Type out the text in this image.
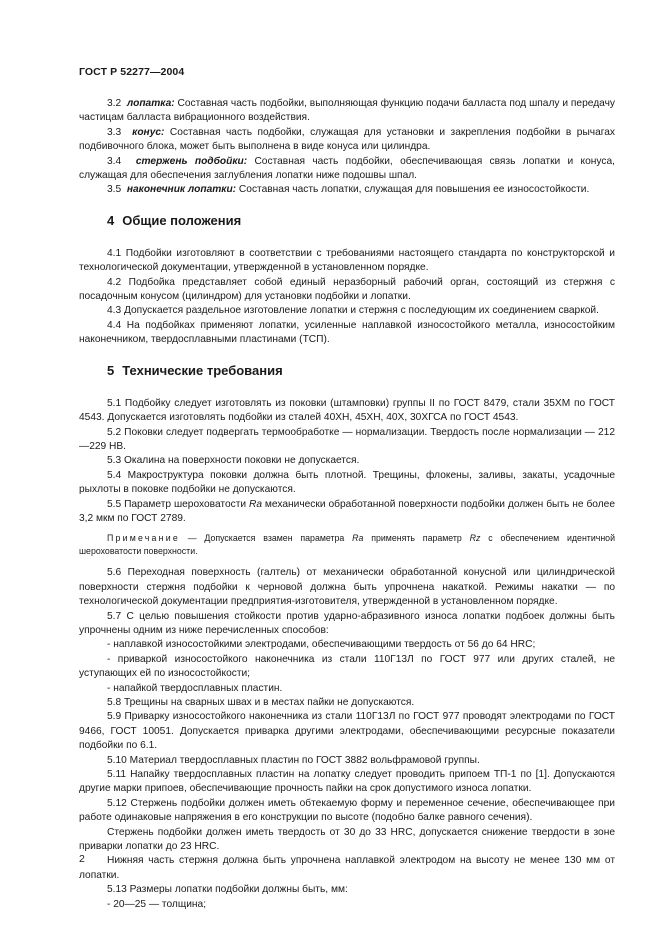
ГОСТ Р 52277—2004

3.2 лопатка: Составная часть подбойки, выполняющая функцию подачи балласта под шпалу и передачу частицам балласта вибрационного воздействия.

3.3 конус: Составная часть подбойки, служащая для установки и закрепления подбойки в рычагах подбивочного блока, может быть выполнена в виде конуса или цилиндра.

3.4 стержень подбойки: Составная часть подбойки, обеспечивающая связь лопатки и конуса, служащая для обеспечения заглубления лопатки ниже подошвы шпал.

3.5 наконечник лопатки: Составная часть лопатки, служащая для повышения ее износостойкости.

4 Общие положения

4.1 Подбойки изготовляют в соответствии с требованиями настоящего стандарта по конструкторской и технологической документации, утвержденной в установленном порядке.

4.2 Подбойка представляет собой единый неразборный рабочий орган, состоящий из стержня с посадочным конусом (цилиндром) для установки подбойки и лопатки.

4.3 Допускается раздельное изготовление лопатки и стержня с последующим их соединением сваркой.

4.4 На подбойках применяют лопатки, усиленные наплавкой износостойкого металла, износостойким наконечником, твердосплавными пластинами (ТСП).

5 Технические требования

5.1 Подбойку следует изготовлять из поковки (штамповки) группы II по ГОСТ 8479, стали 35ХМ по ГОСТ 4543. Допускается изготовлять подбойки из сталей 40ХН, 45ХН, 40Х, 30ХГСА по ГОСТ 4543.

5.2 Поковки следует подвергать термообработке — нормализации. Твердость после нормализации — 212—229 НВ.

5.3 Окалина на поверхности поковки не допускается.

5.4 Макроструктура поковки должна быть плотной. Трещины, флокены, заливы, закаты, усадочные рыхлоты в поковке подбойки не допускаются.

5.5 Параметр шероховатости Ra механически обработанной поверхности подбойки должен быть не более 3,2 мкм по ГОСТ 2789.

Примечание — Допускается взамен параметра Ra применять параметр Rz с обеспечением идентичной шероховатости поверхности.

5.6 Переходная поверхность (галтель) от механически обработанной конусной или цилиндрической поверхности стержня подбойки к черновой должна быть упрочнена накаткой. Режимы накатки — по технологической документации предприятия-изготовителя, утвержденной в установленном порядке.

5.7 С целью повышения стойкости против ударно-абразивного износа лопатки подбоек должны быть упрочнены одним из ниже перечисленных способов:

- наплавкой износостойкими электродами, обеспечивающими твердость от 56 до 64 HRC;

- приваркой износостойкого наконечника из стали 110Г13Л по ГОСТ 977 или других сталей, не уступающих ей по износостойкости;

- напайкой твердосплавных пластин.

5.8 Трещины на сварных швах и в местах пайки не допускаются.

5.9 Приварку износостойкого наконечника из стали 110Г13Л по ГОСТ 977 проводят электродами по ГОСТ 9466, ГОСТ 10051. Допускается приварка другими электродами, обеспечивающими ресурсные показатели подбойки по 6.1.

5.10 Материал твердосплавных пластин по ГОСТ 3882 вольфрамовой группы.

5.11 Напайку твердосплавных пластин на лопатку следует проводить припоем ТП-1 по [1]. Допускаются другие марки припоев, обеспечивающие прочность пайки на срок допустимого износа лопатки.

5.12 Стержень подбойки должен иметь обтекаемую форму и переменное сечение, обеспечивающее при работе одинаковые напряжения в его конструкции по высоте (подобно балке равного сечения).

Стержень подбойки должен иметь твердость от 30 до 33 HRC, допускается снижение твердости в зоне приварки лопатки до 23 HRC.

Нижняя часть стержня должна быть упрочнена наплавкой электродом на высоту не менее 130 мм от лопатки.

5.13 Размеры лопатки подбойки должны быть, мм:

- 20—25 — толщина;

2
